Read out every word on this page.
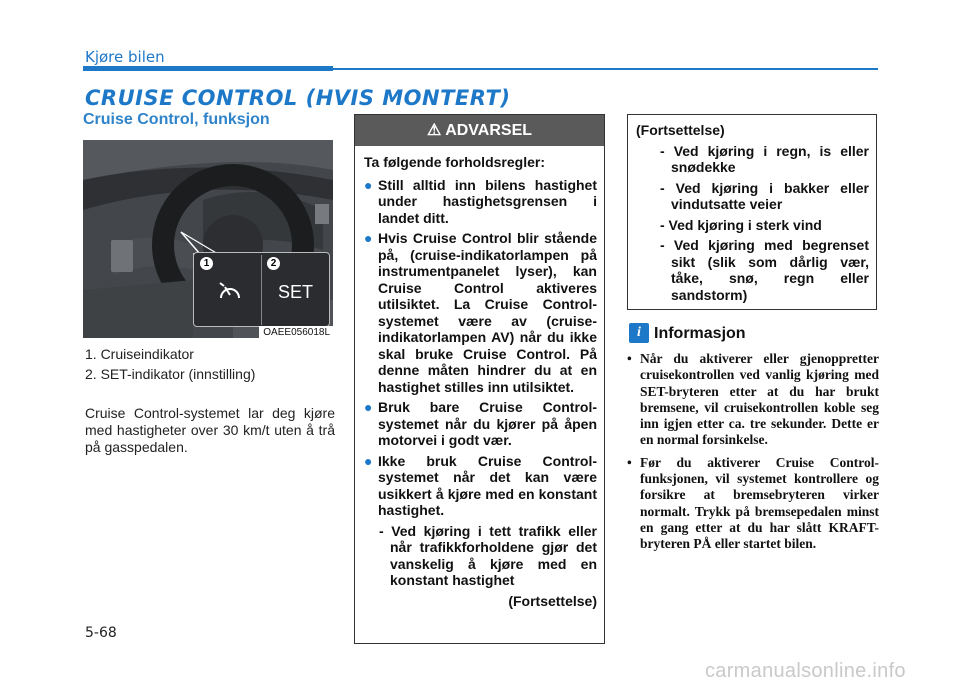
Kjøre bilen
CRUISE CONTROL (HVIS MONTERT)
Cruise Control, funksjon
1	2
SET
OAEE056018L
1. Cruiseindikator
2. SET-indikator (innstilling)
Cruise Control-systemet lar deg kjøre med hastigheter over 30 km/t uten å trå på gasspedalen.
⚠ ADVARSEL
Ta følgende forholdsregler:
● Still alltid inn bilens hastighet under hastighetsgrensen i landet ditt.
● Hvis Cruise Control blir stående på, (cruise-indikatorlampen på instrumentpanelet lyser), kan Cruise Control aktiveres utilsiktet. La Cruise Control-systemet være av (cruise-indikatorlampen AV) når du ikke skal bruke Cruise Control. På denne måten hindrer du at en hastighet stilles inn utilsiktet.
● Bruk bare Cruise Control-systemet når du kjører på åpen motorvei i godt vær.
● Ikke bruk Cruise Control-systemet når det kan være usikkert å kjøre med en konstant hastighet.
- Ved kjøring i tett trafikk eller når trafikkforholdene gjør det vanskelig å kjøre med en konstant hastighet
(Fortsettelse)
(Fortsettelse)
- Ved kjøring i regn, is eller snødekke
- Ved kjøring i bakker eller vindutsatte veier
- Ved kjøring i sterk vind
- Ved kjøring med begrenset sikt (slik som dårlig vær, tåke, snø, regn eller sandstorm)
i Informasjon
• Når du aktiverer eller gjenoppretter cruisekontrollen ved vanlig kjøring med SET-bryteren etter at du har brukt bremsene, vil cruisekontrollen koble seg inn igjen etter ca. tre sekunder. Dette er en normal forsinkelse.
• Før du aktiverer Cruise Control-funksjonen, vil systemet kontrollere og forsikre at bremsebryteren virker normalt. Trykk på bremsepedalen minst en gang etter at du har slått KRAFT-bryteren PÅ eller startet bilen.
5-68
carmanualsonline.info
